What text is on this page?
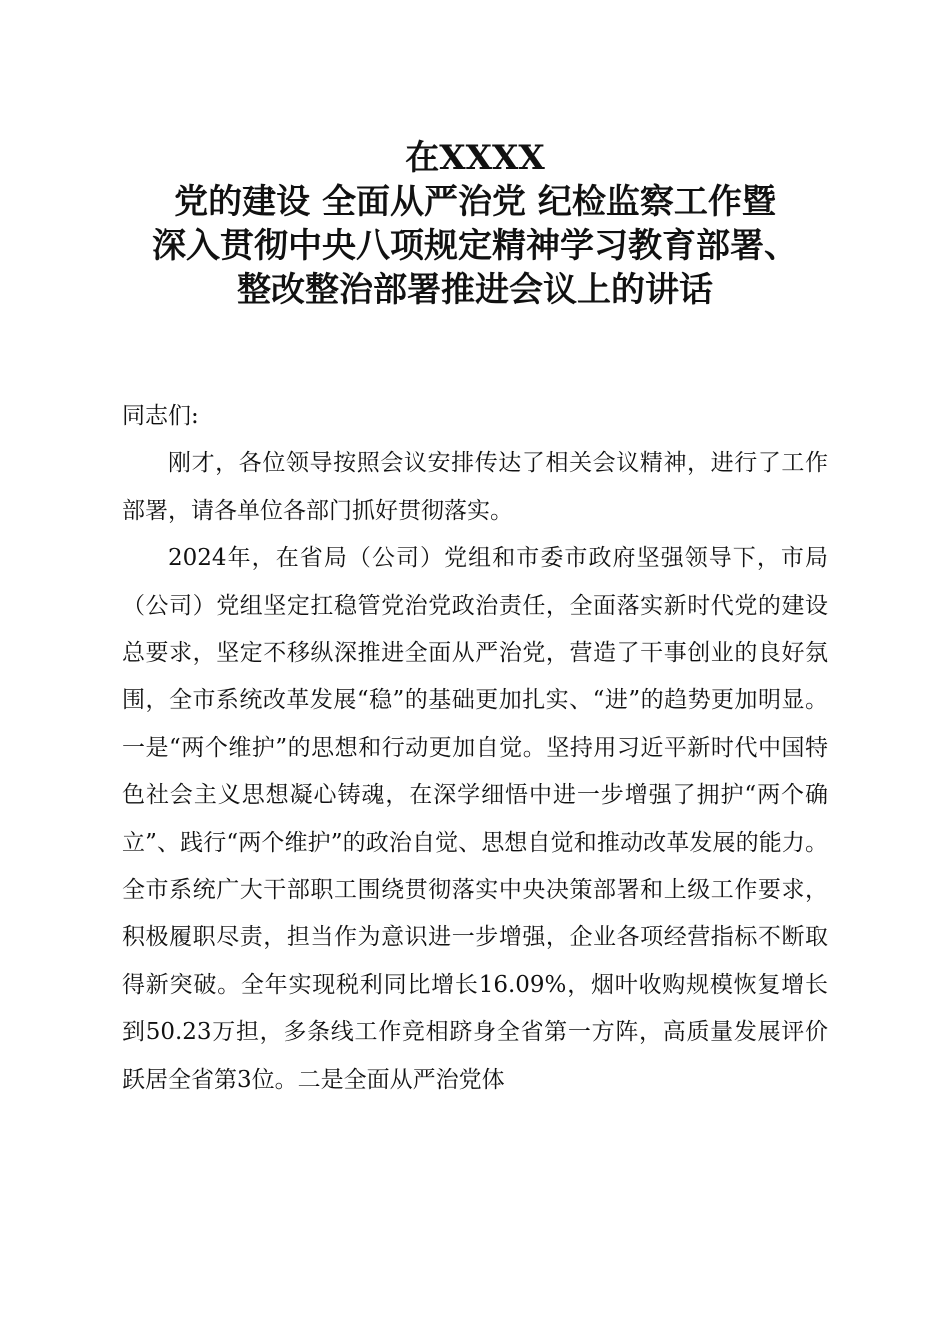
在XXXX
党的建设 全面从严治党 纪检监察工作暨
深入贯彻中央八项规定精神学习教育部署、
整改整治部署推进会议上的讲话

同志们:

刚才，各位领导按照会议安排传达了相关会议精神，进行了工作部署，请各单位各部门抓好贯彻落实。

2024年，在省局（公司）党组和市委市政府坚强领导下，市局（公司）党组坚定扛稳管党治党政治责任，全面落实新时代党的建设总要求，坚定不移纵深推进全面从严治党，营造了干事创业的良好氛围，全市系统改革发展“稳”的基础更加扎实、“进”的趋势更加明显。一是“两个维护”的思想和行动更加自觉。坚持用习近平新时代中国特色社会主义思想凝心铸魂，在深学细悟中进一步增强了拥护“两个确立”、践行“两个维护”的政治自觉、思想自觉和推动改革发展的能力。全市系统广大干部职工围绕贯彻落实中央决策部署和上级工作要求，积极履职尽责，担当作为意识进一步增强，企业各项经营指标不断取得新突破。全年实现税利同比增长16.09%，烟叶收购规模恢复增长到50.23万担，多条线工作竞相跻身全省第一方阵，高质量发展评价跃居全省第3位。二是全面从严治党体
